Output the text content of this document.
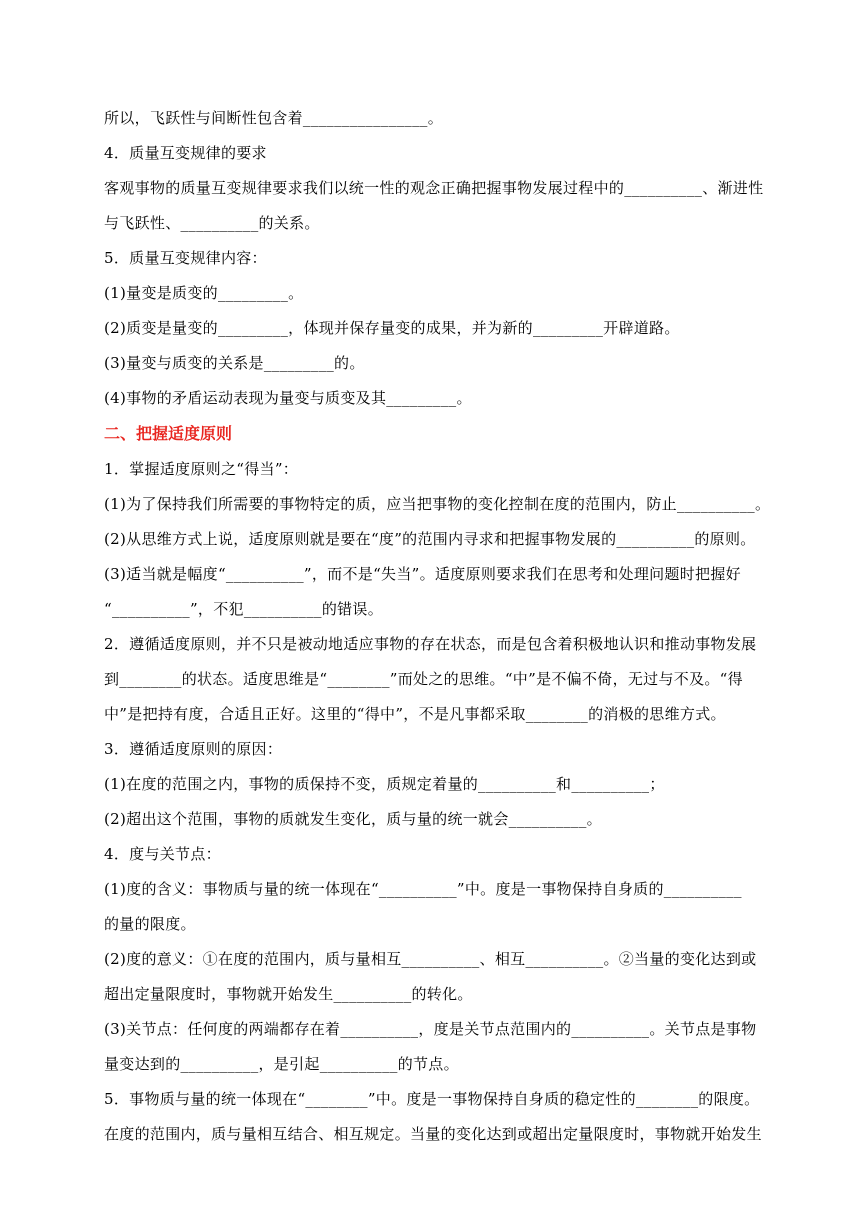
所以，飞跃性与间断性包含着________________。

4．质量互变规律的要求

客观事物的质量互变规律要求我们以统一性的观念正确把握事物发展过程中的__________、渐进性

与飞跃性、__________的关系。

5．质量互变规律内容：

(1)量变是质变的_________。

(2)质变是量变的_________，体现并保存量变的成果，并为新的_________开辟道路。

(3)量变与质变的关系是_________的。

(4)事物的矛盾运动表现为量变与质变及其_________。

二、把握适度原则

1．掌握适度原则之“得当”：

(1)为了保持我们所需要的事物特定的质，应当把事物的变化控制在度的范围内，防止__________。

(2)从思维方式上说，适度原则就是要在“度”的范围内寻求和把握事物发展的__________的原则。

(3)适当就是幅度“__________”，而不是“失当”。适度原则要求我们在思考和处理问题时把握好

“__________”，不犯__________的错误。

2．遵循适度原则，并不只是被动地适应事物的存在状态，而是包含着积极地认识和推动事物发展

到________的状态。适度思维是“________”而处之的思维。“中”是不偏不倚，无过与不及。“得

中”是把持有度，合适且正好。这里的“得中”，不是凡事都采取________的消极的思维方式。

3．遵循适度原则的原因：

(1)在度的范围之内，事物的质保持不变，质规定着量的__________和__________；

(2)超出这个范围，事物的质就发生变化，质与量的统一就会__________。

4．度与关节点：

(1)度的含义：事物质与量的统一体现在“__________”中。度是一事物保持自身质的__________

的量的限度。

(2)度的意义：①在度的范围内，质与量相互__________、相互__________。②当量的变化达到或

超出定量限度时，事物就开始发生__________的转化。

(3)关节点：任何度的两端都存在着__________，度是关节点范围内的__________。关节点是事物

量变达到的__________，是引起__________的节点。

5．事物质与量的统一体现在“________”中。度是一事物保持自身质的稳定性的________的限度。

在度的范围内，质与量相互结合、相互规定。当量的变化达到或超出定量限度时，事物就开始发生
